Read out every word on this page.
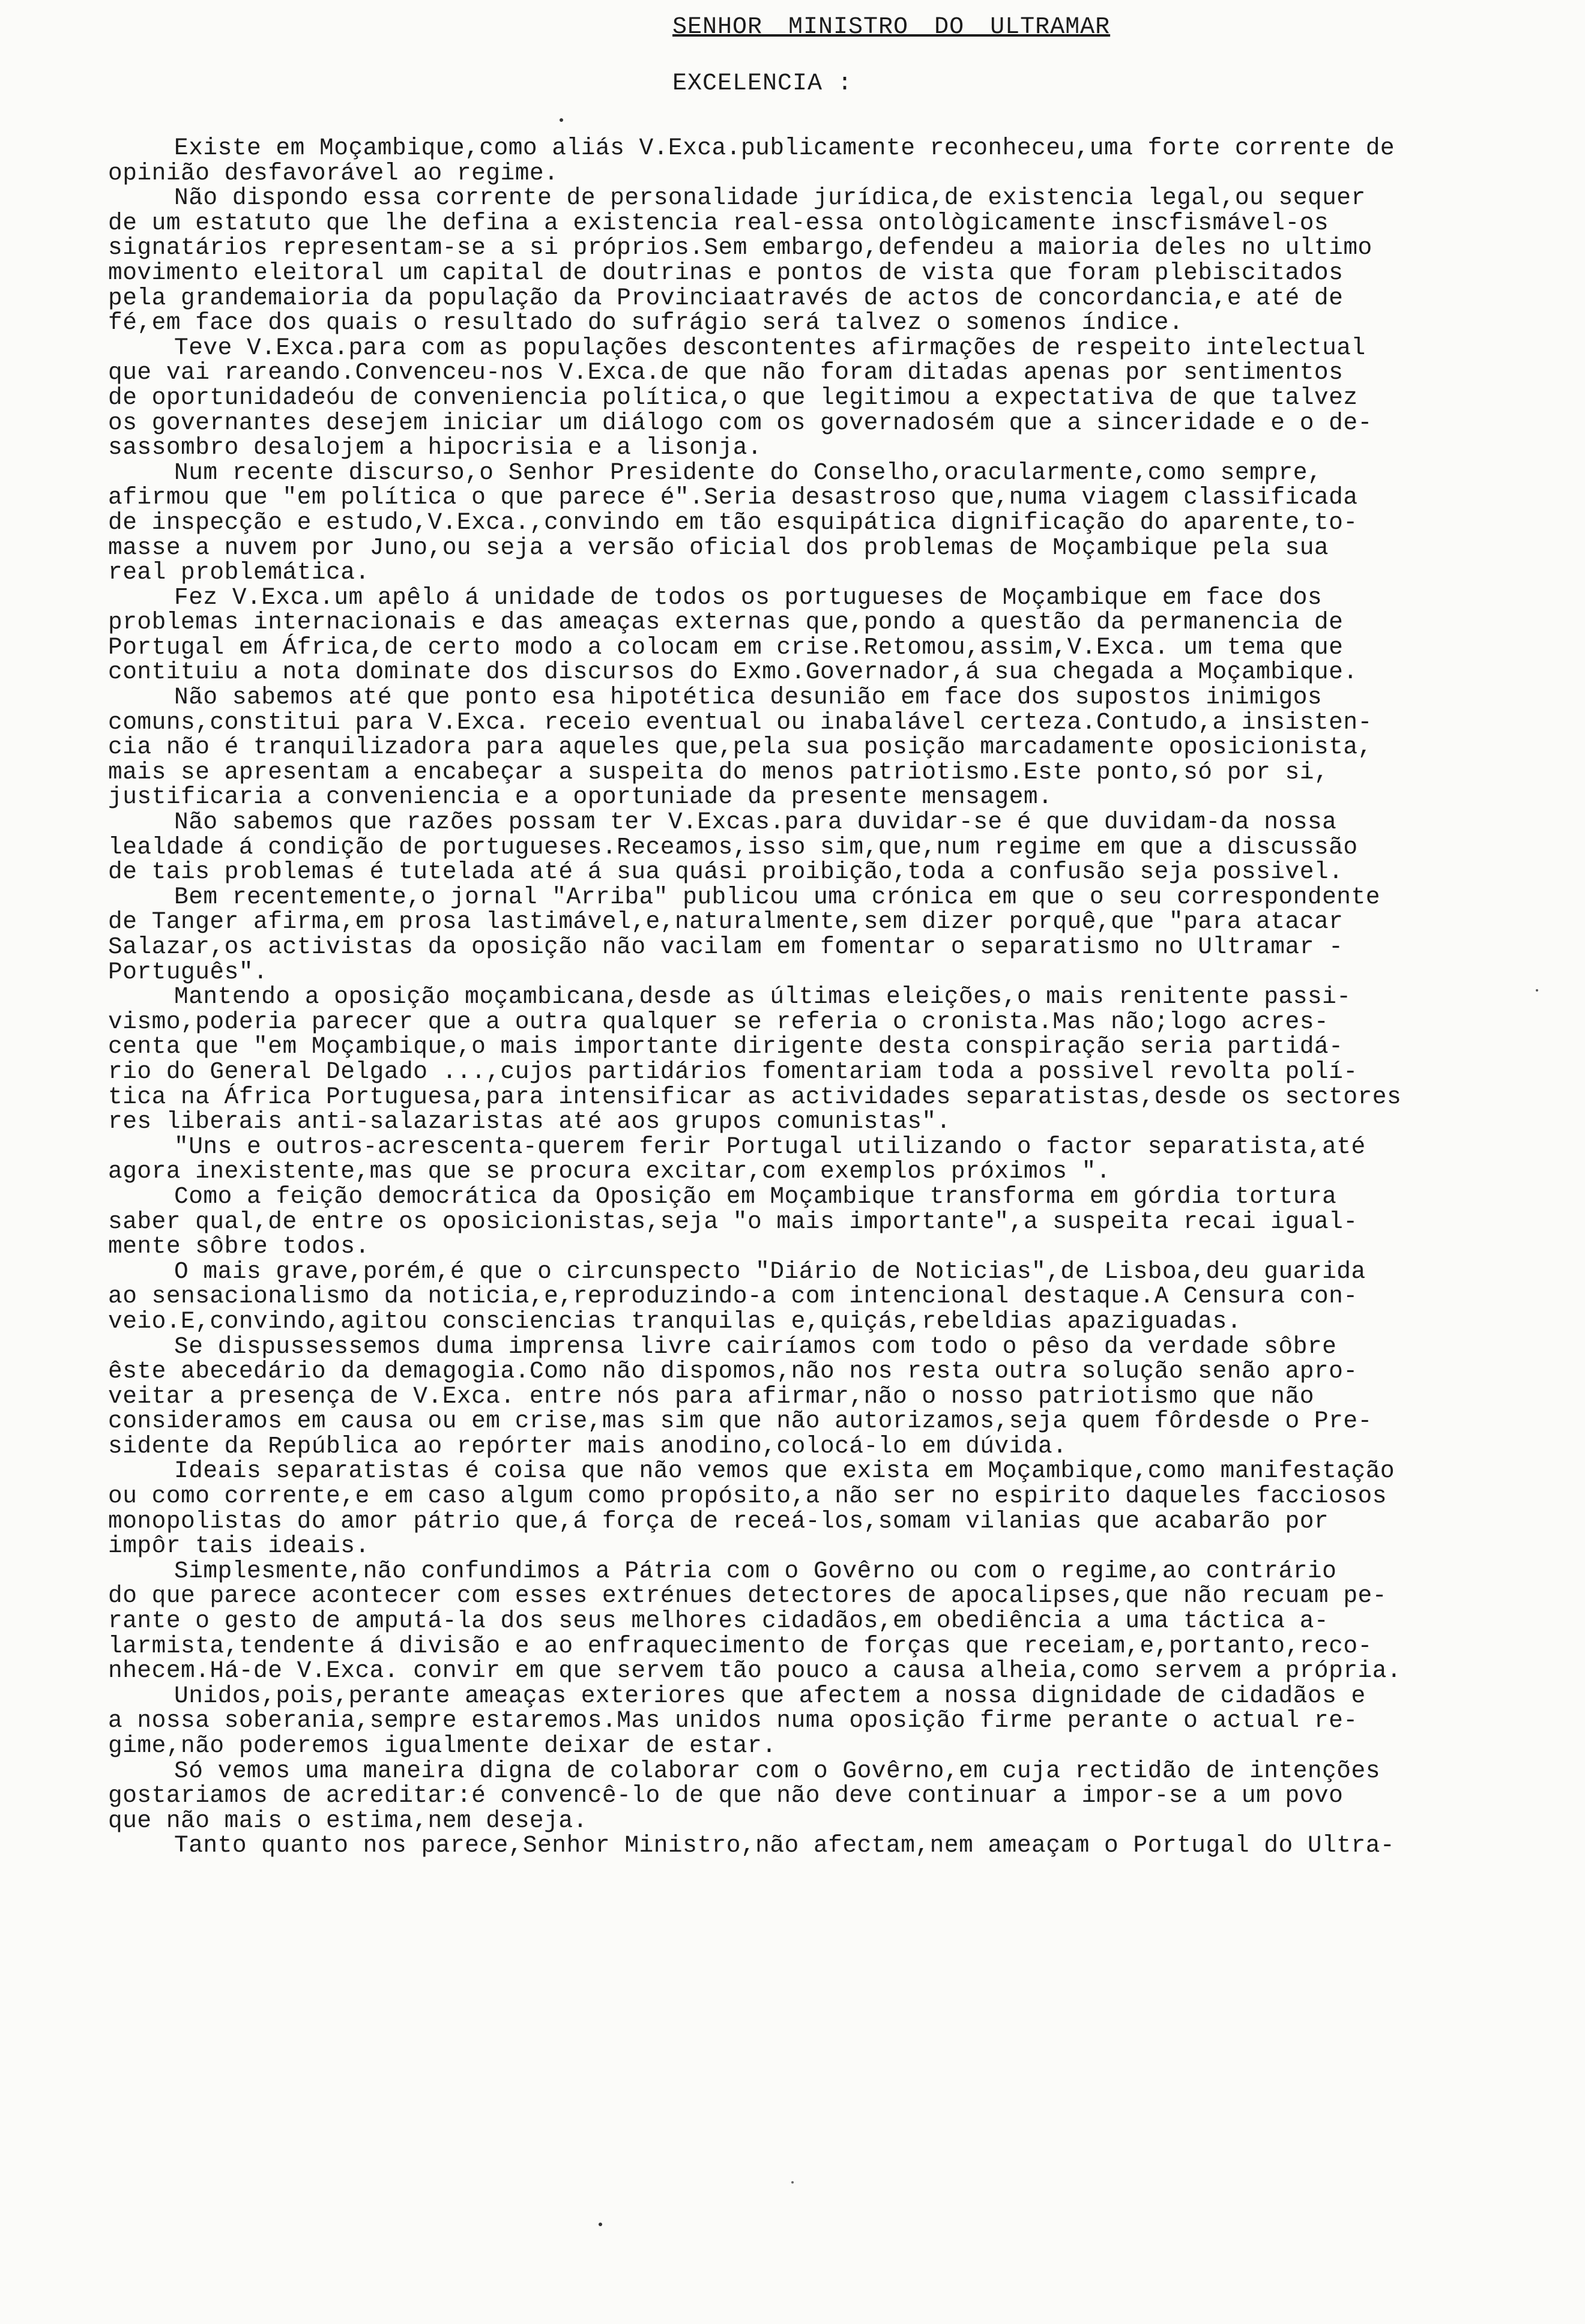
SENHOR MINISTRO DO ULTRAMAR
EXCELENCIA :
Existe em Moçambique,como aliás V.Exca.publicamente reconheceu,uma forte corrente de
opinião desfavorável ao regime.
Não dispondo essa corrente de personalidade jurídica,de existencia legal,ou sequer
de um estatuto que lhe defina a existencia real-essa ontològicamente inscfismável-os
signatários representam-se a si próprios.Sem embargo,defendeu a maioria deles no ultimo
movimento eleitoral um capital de doutrinas e pontos de vista que foram plebiscitados
pela grandemaioria da população da Provinciaatravés de actos de concordancia,e até de
fé,em face dos quais o resultado do sufrágio será talvez o somenos índice.
Teve V.Exca.para com as populações descontentes afirmações de respeito intelectual
que vai rareando.Convenceu-nos V.Exca.de que não foram ditadas apenas por sentimentos
de oportunidadeóu de conveniencia política,o que legitimou a expectativa de que talvez
os governantes desejem iniciar um diálogo com os governadosém que a sinceridade e o de-
sassombro desalojem a hipocrisia e a lisonja.
Num recente discurso,o Senhor Presidente do Conselho,oracularmente,como sempre,
afirmou que "em política o que parece é".Seria desastroso que,numa viagem classificada
de inspecção e estudo,V.Exca.,convindo em tão esquipática dignificação do aparente,to-
masse a nuvem por Juno,ou seja a versão oficial dos problemas de Moçambique pela sua
real problemática.
Fez V.Exca.um apêlo á unidade de todos os portugueses de Moçambique em face dos
problemas internacionais e das ameaças externas que,pondo a questão da permanencia de
Portugal em África,de certo modo a colocam em crise.Retomou,assim,V.Exca. um tema que
contituiu a nota dominate dos discursos do Exmo.Governador,á sua chegada a Moçambique.
Não sabemos até que ponto esa hipotética desunião em face dos supostos inimigos
comuns,constitui para V.Exca. receio eventual ou inabalável certeza.Contudo,a insisten-
cia não é tranquilizadora para aqueles que,pela sua posição marcadamente oposicionista,
mais se apresentam a encabeçar a suspeita do menos patriotismo.Este ponto,só por si,
justificaria a conveniencia e a oportuniade da presente mensagem.
Não sabemos que razões possam ter V.Excas.para duvidar-se é que duvidam-da nossa
lealdade á condição de portugueses.Receamos,isso sim,que,num regime em que a discussão
de tais problemas é tutelada até á sua quási proibição,toda a confusão seja possivel.
Bem recentemente,o jornal "Arriba" publicou uma crónica em que o seu correspondente
de Tanger afirma,em prosa lastimável,e,naturalmente,sem dizer porquê,que "para atacar
Salazar,os activistas da oposição não vacilam em fomentar o separatismo no Ultramar -
Português".
Mantendo a oposição moçambicana,desde as últimas eleições,o mais renitente passi-
vismo,poderia parecer que a outra qualquer se referia o cronista.Mas não;logo acres-
centa que "em Moçambique,o mais importante dirigente desta conspiração seria partidá-
rio do General Delgado ...,cujos partidários fomentariam toda a possivel revolta polí-
tica na África Portuguesa,para intensificar as actividades separatistas,desde os sectores
res liberais anti-salazaristas até aos grupos comunistas".
"Uns e outros-acrescenta-querem ferir Portugal utilizando o factor separatista,até
agora inexistente,mas que se procura excitar,com exemplos próximos ".
Como a feição democrática da Oposição em Moçambique transforma em górdia tortura
saber qual,de entre os oposicionistas,seja "o mais importante",a suspeita recai igual-
mente sôbre todos.
O mais grave,porém,é que o circunspecto "Diário de Noticias",de Lisboa,deu guarida
ao sensacionalismo da noticia,e,reproduzindo-a com intencional destaque.A Censura con-
veio.E,convindo,agitou consciencias tranquilas e,quiçás,rebeldias apaziguadas.
Se dispussessemos duma imprensa livre cairíamos com todo o pêso da verdade sôbre
êste abecedário da demagogia.Como não dispomos,não nos resta outra solução senão apro-
veitar a presença de V.Exca. entre nós para afirmar,não o nosso patriotismo que não
consideramos em causa ou em crise,mas sim que não autorizamos,seja quem fôrdesde o Pre-
sidente da República ao repórter mais anodino,colocá-lo em dúvida.
Ideais separatistas é coisa que não vemos que exista em Moçambique,como manifestação
ou como corrente,e em caso algum como propósito,a não ser no espirito daqueles facciosos
monopolistas do amor pátrio que,á força de receá-los,somam vilanias que acabarão por
impôr tais ideais.
Simplesmente,não confundimos a Pátria com o Govêrno ou com o regime,ao contrário
do que parece acontecer com esses extrénues detectores de apocalipses,que não recuam pe-
rante o gesto de amputá-la dos seus melhores cidadãos,em obediência a uma táctica a-
larmista,tendente á divisão e ao enfraquecimento de forças que receiam,e,portanto,reco-
nhecem.Há-de V.Exca. convir em que servem tão pouco a causa alheia,como servem a própria.
Unidos,pois,perante ameaças exteriores que afectem a nossa dignidade de cidadãos e
a nossa soberania,sempre estaremos.Mas unidos numa oposição firme perante o actual re-
gime,não poderemos igualmente deixar de estar.
Só vemos uma maneira digna de colaborar com o Govêrno,em cuja rectidão de intenções
gostariamos de acreditar:é convencê-lo de que não deve continuar a impor-se a um povo
que não mais o estima,nem deseja.
Tanto quanto nos parece,Senhor Ministro,não afectam,nem ameaçam o Portugal do Ultra-
